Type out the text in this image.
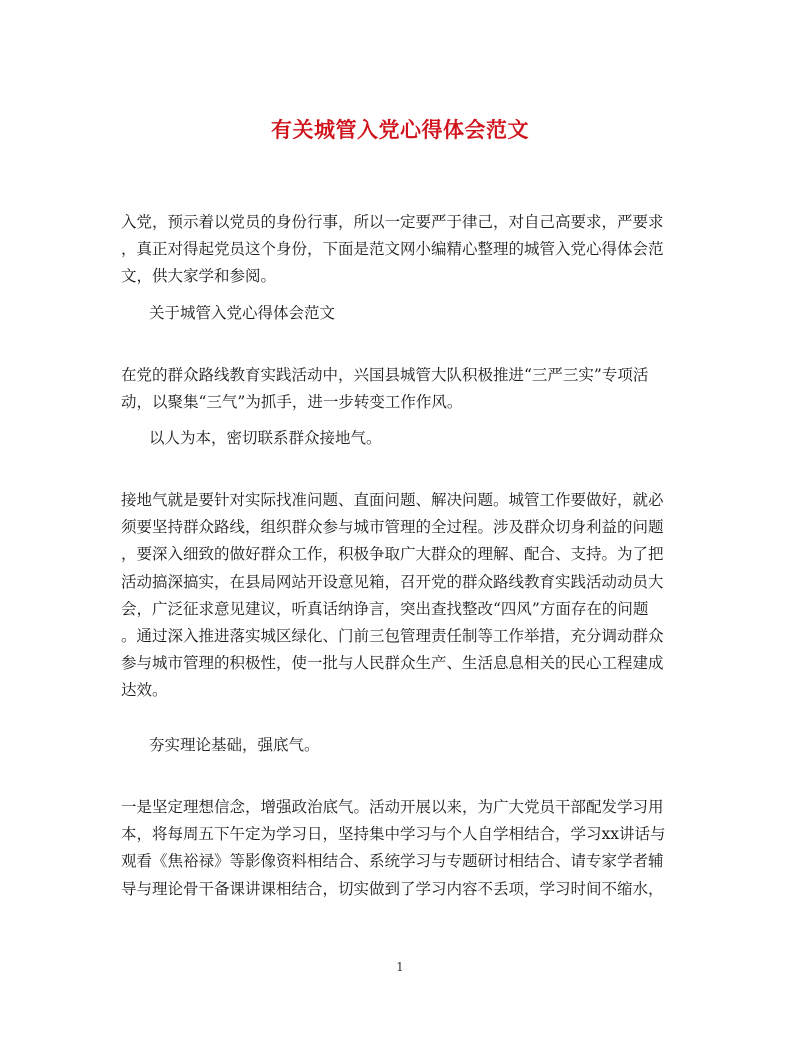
有关城管入党心得体会范文
入党，预示着以党员的身份行事，所以一定要严于律己，对自己高要求，严要求
，真正对得起党员这个身份，下面是范文网小编精心整理的城管入党心得体会范
文，供大家学和参阅。
关于城管入党心得体会范文
在党的群众路线教育实践活动中，兴国县城管大队积极推进“三严三实”专项活
动，以聚集“三气”为抓手，进一步转变工作作风。
以人为本，密切联系群众接地气。
接地气就是要针对实际找准问题、直面问题、解决问题。城管工作要做好，就必
须要坚持群众路线，组织群众参与城市管理的全过程。涉及群众切身利益的问题
，要深入细致的做好群众工作，积极争取广大群众的理解、配合、支持。为了把
活动搞深搞实，在县局网站开设意见箱，召开党的群众路线教育实践活动动员大
会，广泛征求意见建议，听真话纳诤言，突出查找整改“四风”方面存在的问题
。通过深入推进落实城区绿化、门前三包管理责任制等工作举措，充分调动群众
参与城市管理的积极性，使一批与人民群众生产、生活息息相关的民心工程建成
达效。
夯实理论基础，强底气。
一是坚定理想信念，增强政治底气。活动开展以来，为广大党员干部配发学习用
本，将每周五下午定为学习日，坚持集中学习与个人自学相结合，学习xx讲话与
观看《焦裕禄》等影像资料相结合、系统学习与专题研讨相结合、请专家学者辅
导与理论骨干备课讲课相结合，切实做到了学习内容不丢项，学习时间不缩水，
1
